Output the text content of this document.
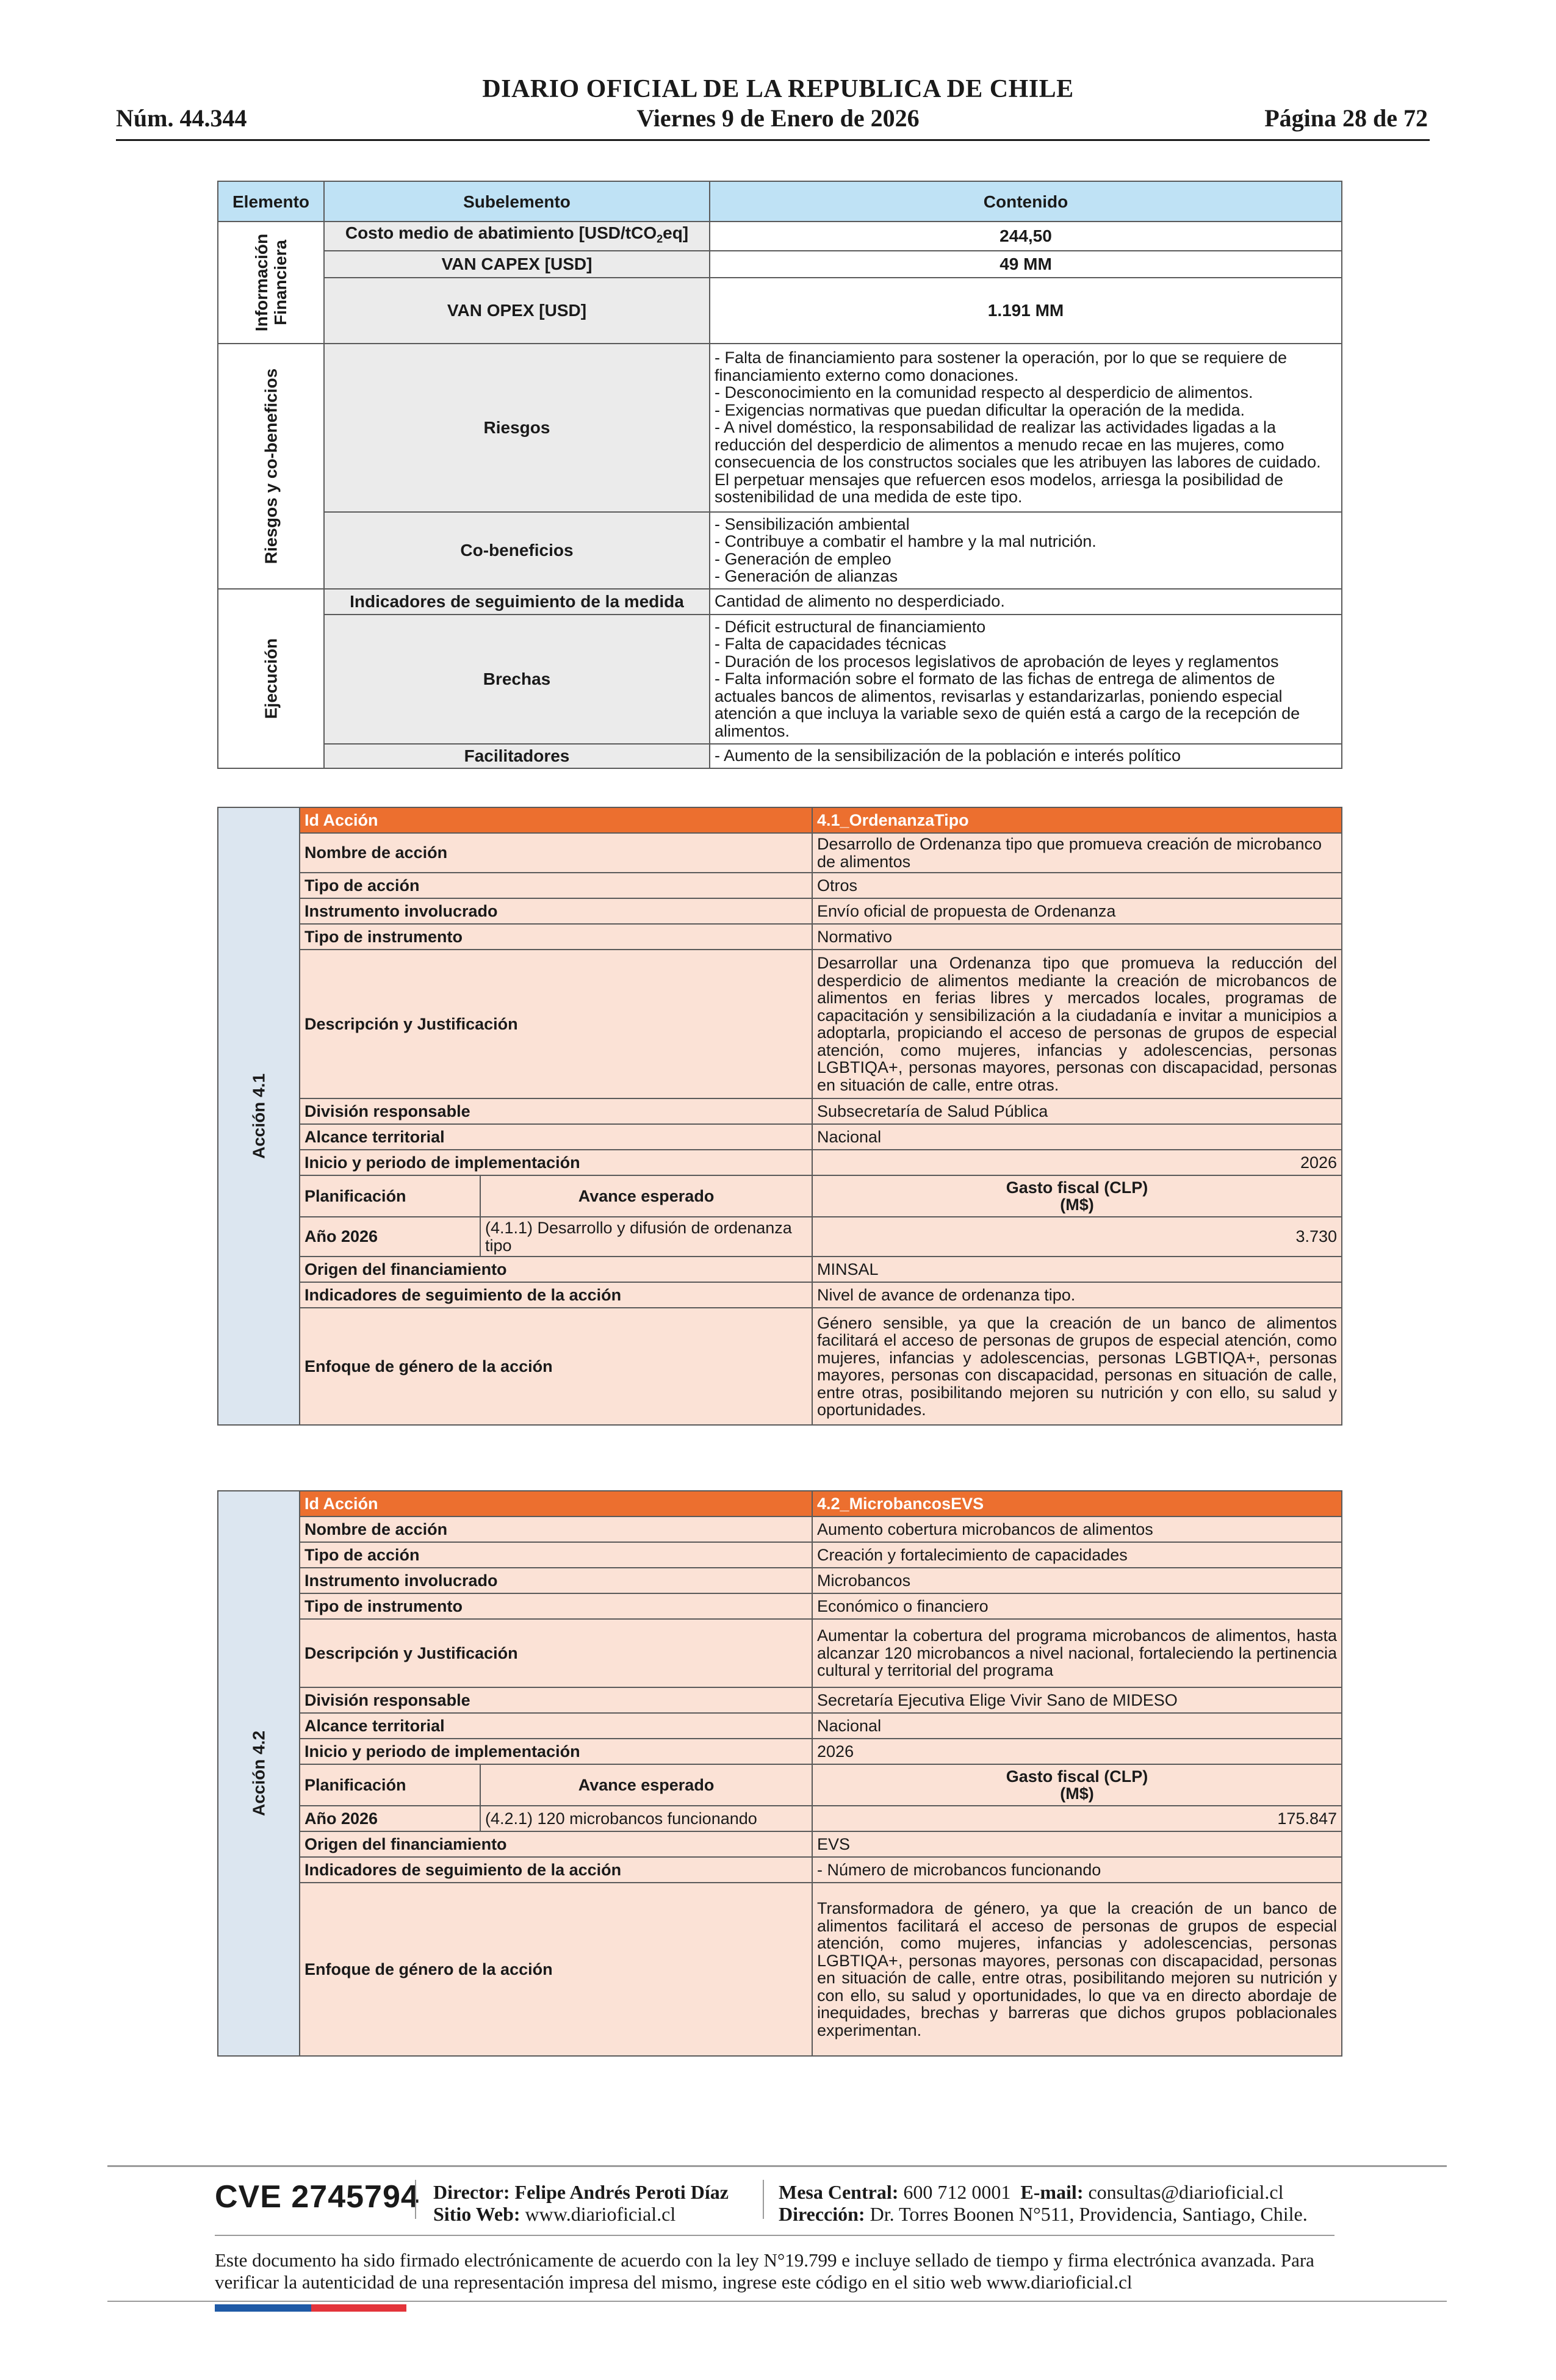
DIARIO OFICIAL DE LA REPUBLICA DE CHILE
Núm. 44.344	Viernes 9 de Enero de 2026	Página 28 de 72
Elemento	Subelemento	Contenido

Información
Financiera	Costo medio de abatimiento [USD/tCO$_2$eq]	244,50
	VAN CAPEX [USD]	49 MM
	VAN OPEX [USD]	1.191 MM

Riesgos y co-beneficios	Riesgos	- Falta de financiamiento para sostener la operación, por lo que se requiere de financiamiento externo como donaciones.
- Desconocimiento en la comunidad respecto al desperdicio de alimentos.
- Exigencias normativas que puedan dificultar la operación de la medida.
- A nivel doméstico, la responsabilidad de realizar las actividades ligadas a la reducción del desperdicio de alimentos a menudo recae en las mujeres, como consecuencia de los constructos sociales que les atribuyen las labores de cuidado. El perpetuar mensajes que refuercen esos modelos, arriesga la posibilidad de sostenibilidad de una medida de este tipo.
	Co-beneficios	- Sensibilización ambiental
- Contribuye a combatir el hambre y la mal nutrición.
- Generación de empleo
- Generación de alianzas

Ejecución	Indicadores de seguimiento de la medida	Cantidad de alimento no desperdiciado.
	Brechas	- Déficit estructural de financiamiento
- Falta de capacidades técnicas
- Duración de los procesos legislativos de aprobación de leyes y reglamentos
- Falta información sobre el formato de las fichas de entrega de alimentos de actuales bancos de alimentos, revisarlas y estandarizarlas, poniendo especial atención a que incluya la variable sexo de quién está a cargo de la recepción de alimentos.
	Facilitadores	- Aumento de la sensibilización de la población e interés político
Acción 4.1	Id Acción		4.1_OrdenanzaTipo
	Nombre de acción		Desarrollo de Ordenanza tipo que promueva creación de microbanco de alimentos
	Tipo de acción		Otros
	Instrumento involucrado		Envío oficial de propuesta de Ordenanza
	Tipo de instrumento		Normativo
	Descripción y Justificación		Desarrollar una Ordenanza tipo que promueva la reducción del desperdicio de alimentos mediante la creación de microbancos de alimentos en ferias libres y mercados locales, programas de capacitación y sensibilización a la ciudadanía e invitar a municipios a adoptarla, propiciando el acceso de personas de grupos de especial atención, como mujeres, infancias y adolescencias, personas LGBTIQA+, personas mayores, personas con discapacidad, personas en situación de calle, entre otras.
	División responsable		Subsecretaría de Salud Pública
	Alcance territorial		Nacional
	Inicio y periodo de implementación		2026
	Planificación	Avance esperado	Gasto fiscal (CLP)
(M$)
	Año 2026	(4.1.1) Desarrollo y difusión de ordenanza tipo	3.730
	Origen del financiamiento		MINSAL
	Indicadores de seguimiento de la acción		Nivel de avance de ordenanza tipo.
	Enfoque de género de la acción		Género sensible, ya que la creación de un banco de alimentos facilitará el acceso de personas de grupos de especial atención, como mujeres, infancias y adolescencias, personas LGBTIQA+, personas mayores, personas con discapacidad, personas en situación de calle, entre otras, posibilitando mejoren su nutrición y con ello, su salud y oportunidades.
Acción 4.2	Id Acción		4.2_MicrobancosEVS
	Nombre de acción		Aumento cobertura microbancos de alimentos
	Tipo de acción		Creación y fortalecimiento de capacidades
	Instrumento involucrado		Microbancos
	Tipo de instrumento		Económico o financiero
	Descripción y Justificación		Aumentar la cobertura del programa microbancos de alimentos, hasta alcanzar 120 microbancos a nivel nacional, fortaleciendo la pertinencia cultural y territorial del programa
	División responsable		Secretaría Ejecutiva Elige Vivir Sano de MIDESO
	Alcance territorial		Nacional
	Inicio y periodo de implementación		2026
	Planificación	Avance esperado	Gasto fiscal (CLP)
(M$)
	Año 2026	(4.2.1) 120 microbancos funcionando	175.847
	Origen del financiamiento		EVS
	Indicadores de seguimiento de la acción		- Número de microbancos funcionando
	Enfoque de género de la acción		Transformadora de género, ya que la creación de un banco de alimentos facilitará el acceso de personas de grupos de especial atención, como mujeres, infancias y adolescencias, personas LGBTIQA+, personas mayores, personas con discapacidad, personas en situación de calle, entre otras, posibilitando mejoren su nutrición y con ello, su salud y oportunidades, lo que va en directo abordaje de inequidades, brechas y barreras que dichos grupos poblacionales experimentan.
CVE 2745794 Director: Felipe Andrés Peroti Díaz
Sitio Web: www.diarioficial.cl
Mesa Central: 600 712 0001 E-mail: consultas@diarioficial.cl
Dirección: Dr. Torres Boonen N°511, Providencia, Santiago, Chile.
Este documento ha sido firmado electrónicamente de acuerdo con la ley N°19.799 e incluye sellado de tiempo y firma electrónica avanzada. Para verificar la autenticidad de una representación impresa del mismo, ingrese este código en el sitio web www.diarioficial.cl
